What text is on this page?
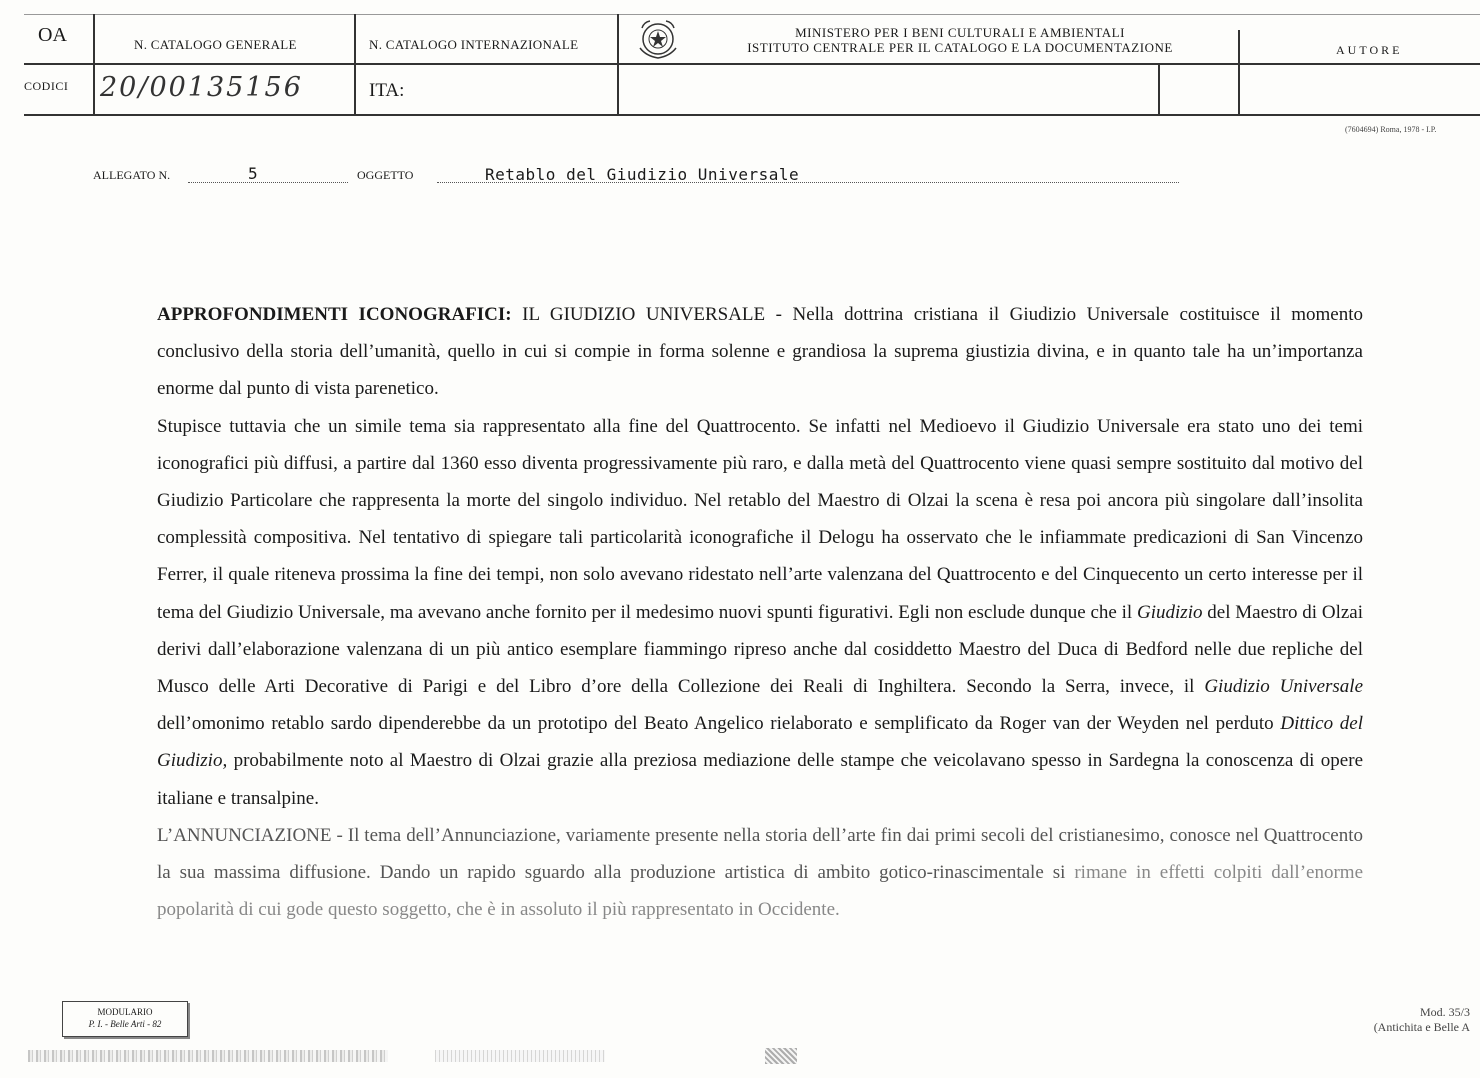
OA
CODICI
N. CATALOGO GENERALE	N. CATALOGO INTERNAZIONALE
20/00135156	ITA:
MINISTERO PER I BENI CULTURALI E AMBIENTALI
ISTITUTO CENTRALE PER IL CATALOGO E LA DOCUMENTAZIONE	AUTORE
(7604694) Roma, 1978 - I.P.
ALLEGATO N.	5	OGGETTO	Retablo del Giudizio Universale

APPROFONDIMENTI ICONOGRAFICI: IL GIUDIZIO UNIVERSALE - Nella dottrina cristiana il Giudizio Universale costituisce il momento conclusivo della storia dell’umanità, quello in cui si compie in forma solenne e grandiosa la suprema giustizia divina, e in quanto tale ha un’importanza enorme dal punto di vista parenetico.

Stupisce tuttavia che un simile tema sia rappresentato alla fine del Quattrocento. Se infatti nel Medioevo il Giudizio Universale era stato uno dei temi iconografici più diffusi, a partire dal 1360 esso diventa progressivamente più raro, e dalla metà del Quattrocento viene quasi sempre sostituito dal motivo del Giudizio Particolare che rappresenta la morte del singolo individuo. Nel retablo del Maestro di Olzai la scena è resa poi ancora più singolare dall’insolita complessità compositiva. Nel tentativo di spiegare tali particolarità iconografiche il Delogu ha osservato che le infiammate predicazioni di San Vincenzo Ferrer, il quale riteneva prossima la fine dei tempi, non solo avevano ridestato nell’arte valenzana del Quattrocento e del Cinquecento un certo interesse per il tema del Giudizio Universale, ma avevano anche fornito per il medesimo nuovi spunti figurativi. Egli non esclude dunque che il Giudizio del Maestro di Olzai derivi dall’elaborazione valenzana di un più antico esemplare fiammingo ripreso anche dal cosiddetto Maestro del Duca di Bedford nelle due repliche del Musco delle Arti Decorative di Parigi e del Libro d’ore della Collezione dei Reali di Inghiltera. Secondo la Serra, invece, il Giudizio Universale dell’omonimo retablo sardo dipenderebbe da un prototipo del Beato Angelico rielaborato e semplificato da Roger van der Weyden nel perduto Dittico del Giudizio, probabilmente noto al Maestro di Olzai grazie alla preziosa mediazione delle stampe che veicolavano spesso in Sardegna la conoscenza di opere italiane e transalpine.

L’ANNUNCIAZIONE - Il tema dell’Annunciazione, variamente presente nella storia dell’arte fin dai primi secoli del cristianesimo, conosce nel Quattrocento la sua massima diffusione. Dando un rapido sguardo alla produzione artistica di ambito gotico-rinascimentale si rimane in effetti colpiti dall’enorme popolarità di cui gode questo soggetto, che è in assoluto il più rappresentato in Occidente.

MODULARIO
P. I. - Belle Arti - 82
Mod. 35/3
(Antichita e Belle A
